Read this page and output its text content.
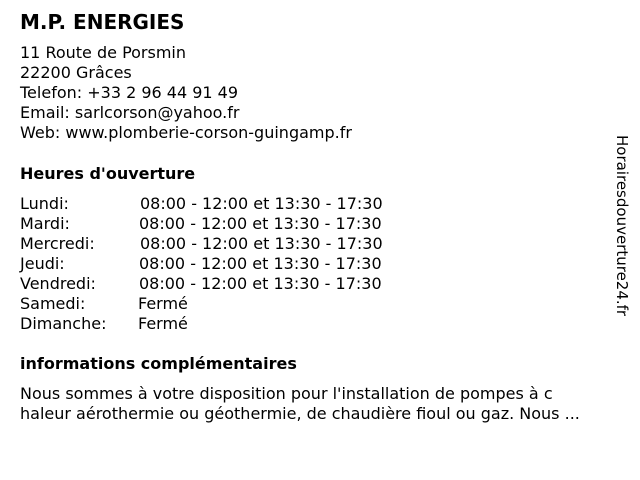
M.P. ENERGIES
11 Route de Porsmin
22200 Grâces
Telefon: +33 2 96 44 91 49
Email: sarlcorson@yahoo.fr
Web: www.plomberie-corson-guingamp.fr
Heures d'ouverture
Lundi:	08:00 - 12:00 et 13:30 - 17:30
Mardi:	08:00 - 12:00 et 13:30 - 17:30
Mercredi:	08:00 - 12:00 et 13:30 - 17:30
Jeudi:	08:00 - 12:00 et 13:30 - 17:30
Vendredi:	08:00 - 12:00 et 13:30 - 17:30
Samedi:	Fermé
Dimanche: Fermé
informations complémentaires
Nous sommes à votre disposition pour l'installation de pompes à c
haleur aérothermie ou géothermie, de chaudière fioul ou gaz. Nous ...
Horairesdouverture24.fr
